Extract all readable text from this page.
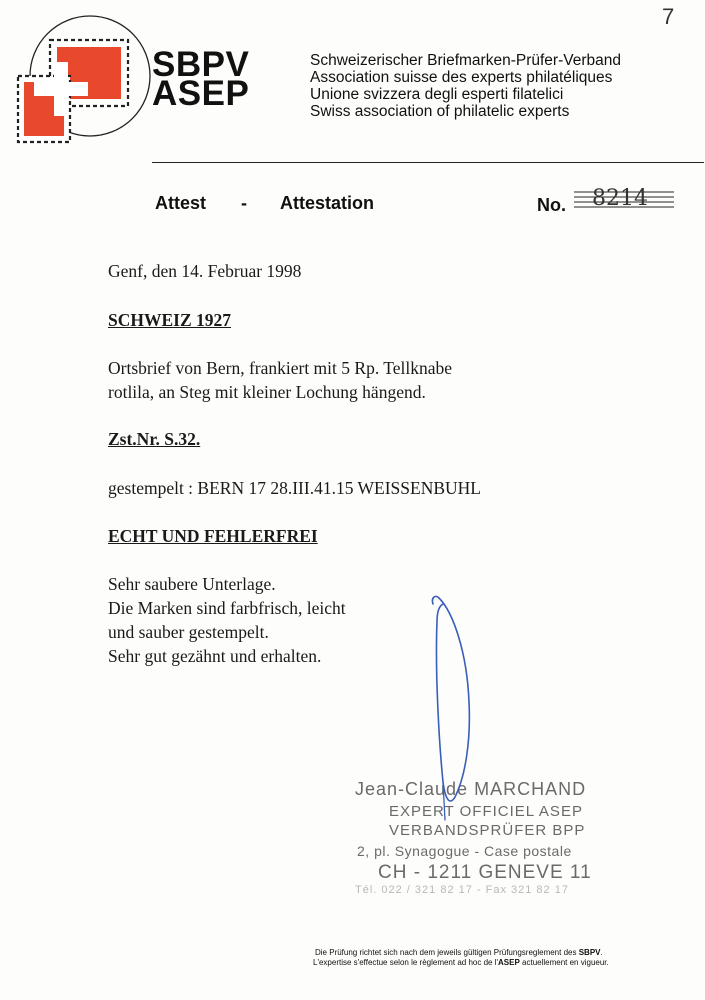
SBPV
ASEP
Schweizerischer Briefmarken-Prüfer-Verband
Association suisse des experts philatéliques
Unione svizzera degli esperti filatelici
Swiss association of philatelic experts
7
Attest - Attestation	No. 8214
Genf, den 14. Februar 1998
SCHWEIZ 1927
Ortsbrief von Bern, frankiert mit 5 Rp. Tellknabe
rotlila, an Steg mit kleiner Lochung hängend.
Zst.Nr. S.32.
gestempelt : BERN 17 28.III.41.15 WEISSENBUHL
ECHT UND FEHLERFREI
Sehr saubere Unterlage.
Die Marken sind farbfrisch, leicht
und sauber gestempelt.
Sehr gut gezähnt und erhalten.
Jean-Claude MARCHAND
EXPERT OFFICIEL ASEP
VERBANDSPRÜFER BPP
2, pl. Synagogue - Case postale
CH - 1211 GENEVE 11
Tél. 022 / 321 82 17 - Fax 321 82 17
Die Prüfung richtet sich nach dem jeweils gültigen Prüfungsreglement des SBPV.
L'expertise s'effectue selon le règlement ad hoc de l'ASEP actuellement en vigueur.
